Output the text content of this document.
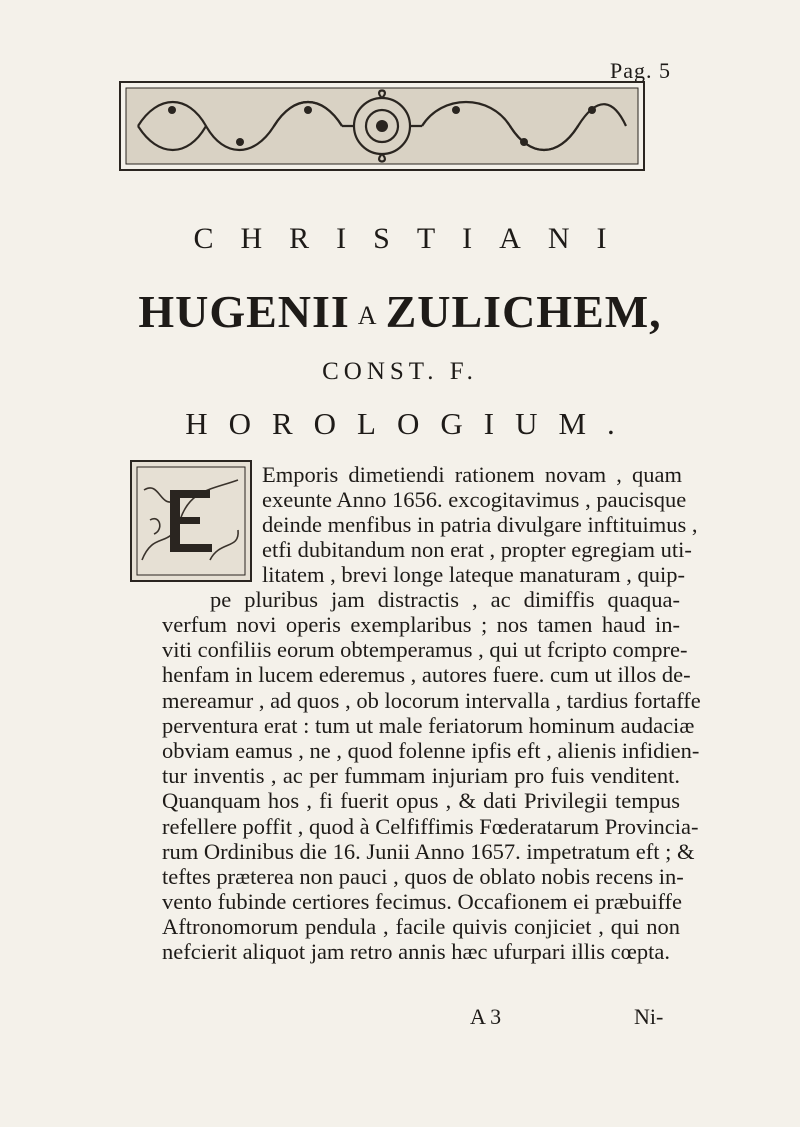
Pag. 5
CHRISTIANI
HUGENII A ZULICHEM,
CONST. F.
HOROLOGIUM.
Emporis dimetiendi rationem novam , quam
exeunte Anno 1656. excogitavimus , paucisque
deinde menfibus in patria divulgare inftituimus ,
etfi dubitandum non erat , propter egregiam uti-
litatem , brevi longe lateque manaturam , quip-
pe pluribus jam distractis , ac dimiffis quaqua-
verfum novi operis exemplaribus ; nos tamen haud in-
viti confiliis eorum obtemperamus , qui ut fcripto compre-
henfam in lucem ederemus , autores fuere. cum ut illos de-
mereamur , ad quos , ob locorum intervalla , tardius fortaffe
perventura erat : tum ut male feriatorum hominum audaciæ
obviam eamus , ne , quod folenne ipfis eft , alienis infidien-
tur inventis , ac per fummam injuriam pro fuis venditent.
Quanquam hos , fi fuerit opus , & dati Privilegii tempus
refellere poffit , quod à Celfiffimis Fœderatarum Provincia-
rum Ordinibus die 16. Junii Anno 1657. impetratum eft ; &
teftes præterea non pauci , quos de oblato nobis recens in-
vento fubinde certiores fecimus. Occafionem ei præbuiffe
Aftronomorum pendula , facile quivis conjiciet , qui non
nefcierit aliquot jam retro annis hæc ufurpari illis cœpta.
A 3	Ni-
